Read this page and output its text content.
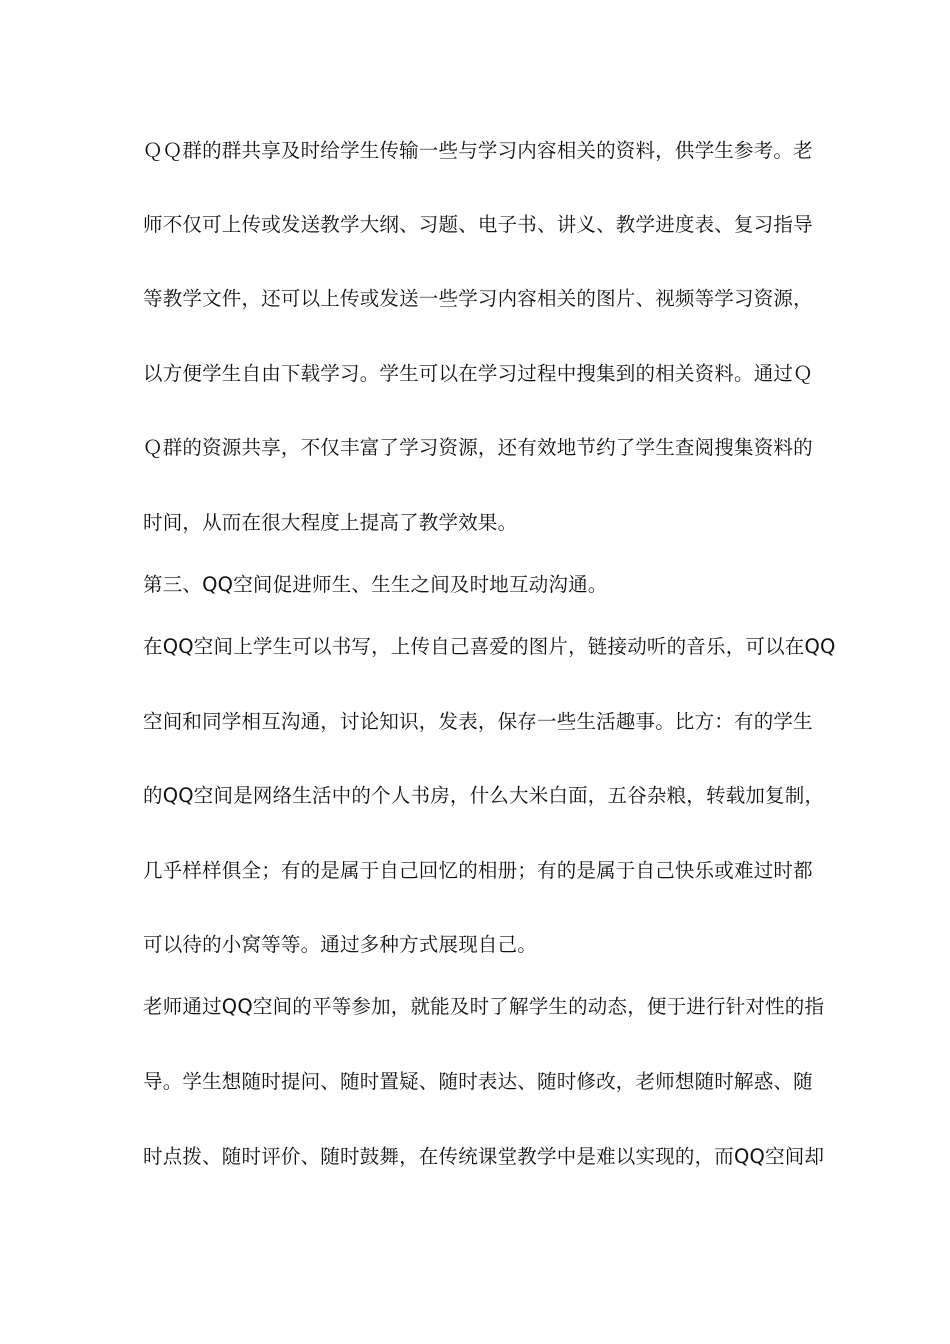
ＱＱ群的群共享及时给学生传输一些与学习内容相关的资料，供学生参考。老
师不仅可上传或发送教学大纲、习题、电子书、讲义、教学进度表、复习指导
等教学文件，还可以上传或发送一些学习内容相关的图片、视频等学习资源，
以方便学生自由下载学习。学生可以在学习过程中搜集到的相关资料。通过Ｑ
Ｑ群的资源共享，不仅丰富了学习资源，还有效地节约了学生查阅搜集资料的
时间，从而在很大程度上提高了教学效果。
第三、QQ空间促进师生、生生之间及时地互动沟通。
在QQ空间上学生可以书写，上传自己喜爱的图片，链接动听的音乐，可以在QQ
空间和同学相互沟通，讨论知识，发表，保存一些生活趣事。比方：有的学生
的QQ空间是网络生活中的个人书房，什么大米白面，五谷杂粮，转载加复制，
几乎样样俱全；有的是属于自己回忆的相册；有的是属于自己快乐或难过时都
可以待的小窝等等。通过多种方式展现自己。
老师通过QQ空间的平等参加，就能及时了解学生的动态，便于进行针对性的指
导。学生想随时提问、随时置疑、随时表达、随时修改，老师想随时解惑、随
时点拨、随时评价、随时鼓舞，在传统课堂教学中是难以实现的，而QQ空间却
